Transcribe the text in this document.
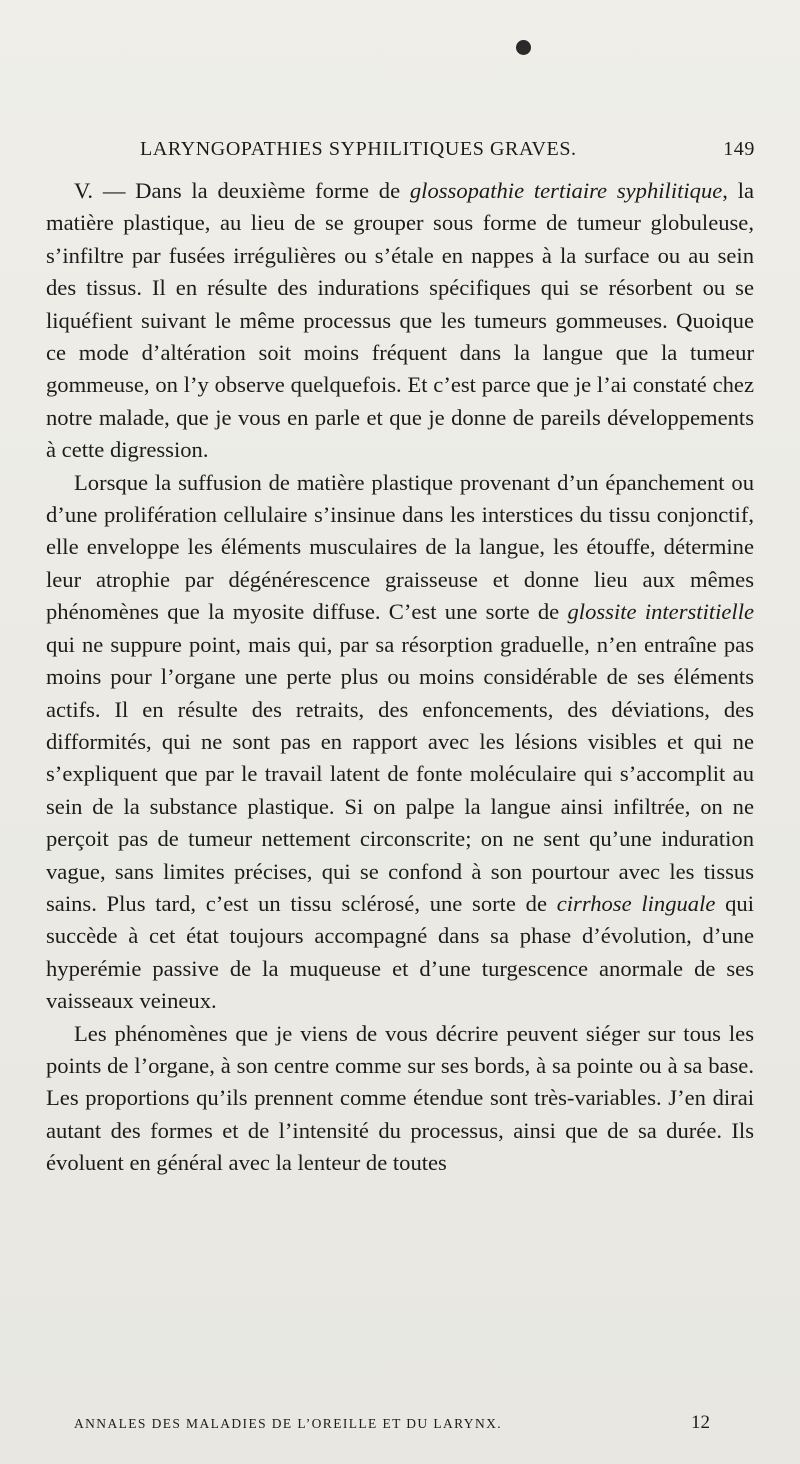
LARYNGOPATHIES SYPHILITIQUES GRAVES.	149

V. — Dans la deuxième forme de glossopathie tertiaire syphilitique, la matière plastique, au lieu de se grouper sous forme de tumeur globuleuse, s’infiltre par fusées irrégulières ou s’étale en nappes à la surface ou au sein des tissus. Il en résulte des indurations spécifiques qui se résorbent ou se liquéfient suivant le même processus que les tumeurs gommeuses. Quoique ce mode d’altération soit moins fréquent dans la langue que la tumeur gommeuse, on l’y observe quelquefois. Et c’est parce que je l’ai constaté chez notre malade, que je vous en parle et que je donne de pareils développements à cette digression.

Lorsque la suffusion de matière plastique provenant d’un épanchement ou d’une prolifération cellulaire s’insinue dans les interstices du tissu conjonctif, elle enveloppe les éléments musculaires de la langue, les étouffe, détermine leur atrophie par dégénérescence graisseuse et donne lieu aux mêmes phénomènes que la myosite diffuse. C’est une sorte de glossite interstitielle qui ne suppure point, mais qui, par sa résorption graduelle, n’en entraîne pas moins pour l’organe une perte plus ou moins considérable de ses éléments actifs. Il en résulte des retraits, des enfoncements, des déviations, des difformités, qui ne sont pas en rapport avec les lésions visibles et qui ne s’expliquent que par le travail latent de fonte moléculaire qui s’accomplit au sein de la substance plastique. Si on palpe la langue ainsi infiltrée, on ne perçoit pas de tumeur nettement circonscrite; on ne sent qu’une induration vague, sans limites précises, qui se confond à son pourtour avec les tissus sains. Plus tard, c’est un tissu sclérosé, une sorte de cirrhose linguale qui succède à cet état toujours accompagné dans sa phase d’évolution, d’une hyperémie passive de la muqueuse et d’une turgescence anormale de ses vaisseaux veineux.

Les phénomènes que je viens de vous décrire peuvent siéger sur tous les points de l’organe, à son centre comme sur ses bords, à sa pointe ou à sa base. Les proportions qu’ils prennent comme étendue sont très-variables. J’en dirai autant des formes et de l’intensité du processus, ainsi que de sa durée. Ils évoluent en général avec la lenteur de toutes

ANNALES DES MALADIES DE L’OREILLE ET DU LARYNX.	12
